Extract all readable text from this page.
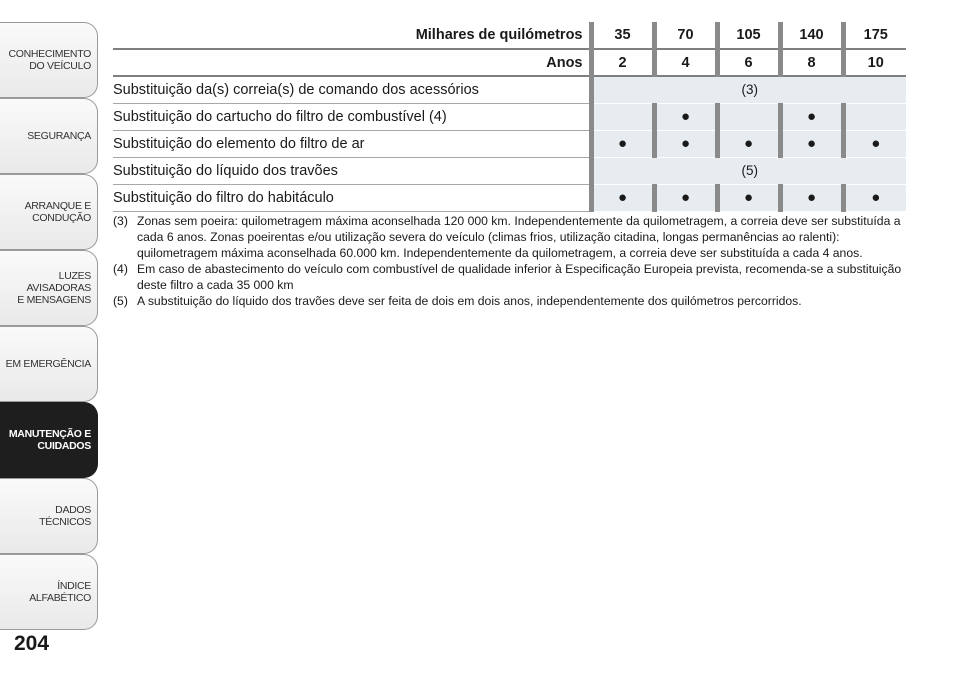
CONHECIMENTO
DO VEÍCULO
SEGURANÇA
ARRANQUE E
CONDUÇÃO
LUZES AVISADORAS
E MENSAGENS
EM EMERGÊNCIA
MANUTENÇÃO E
CUIDADOS
DADOS TÉCNICOS
ÍNDICE ALFABÉTICO
204
Milhares de quilómetros	35	70	105	140	175
Anos	2	4	6	8	10
Substituição da(s) correia(s) de comando dos acessórios	(3)				
Substituição do cartucho do filtro de combustível (4)		●		●	
Substituição do elemento do filtro de ar	●	●	●	●	●
Substituição do líquido dos travões	(5)				
Substituição do filtro do habitáculo	●	●	●	●	●

(3) Zonas sem poeira: quilometragem máxima aconselhada 120 000 km. Independentemente da quilometragem, a correia deve ser substituída a cada 6 anos. Zonas poeirentas e/ou utilização severa do veículo (climas frios, utilização citadina, longas permanências ao ralenti): quilometragem máxima aconselhada 60.000 km. Independentemente da quilometragem, a correia deve ser substituída a cada 4 anos.

(4) Em caso de abastecimento do veículo com combustível de qualidade inferior à Especificação Europeia prevista, recomenda-se a substituição deste filtro a cada 35 000 km

(5) A substituição do líquido dos travões deve ser feita de dois em dois anos, independentemente dos quilómetros percorridos.
